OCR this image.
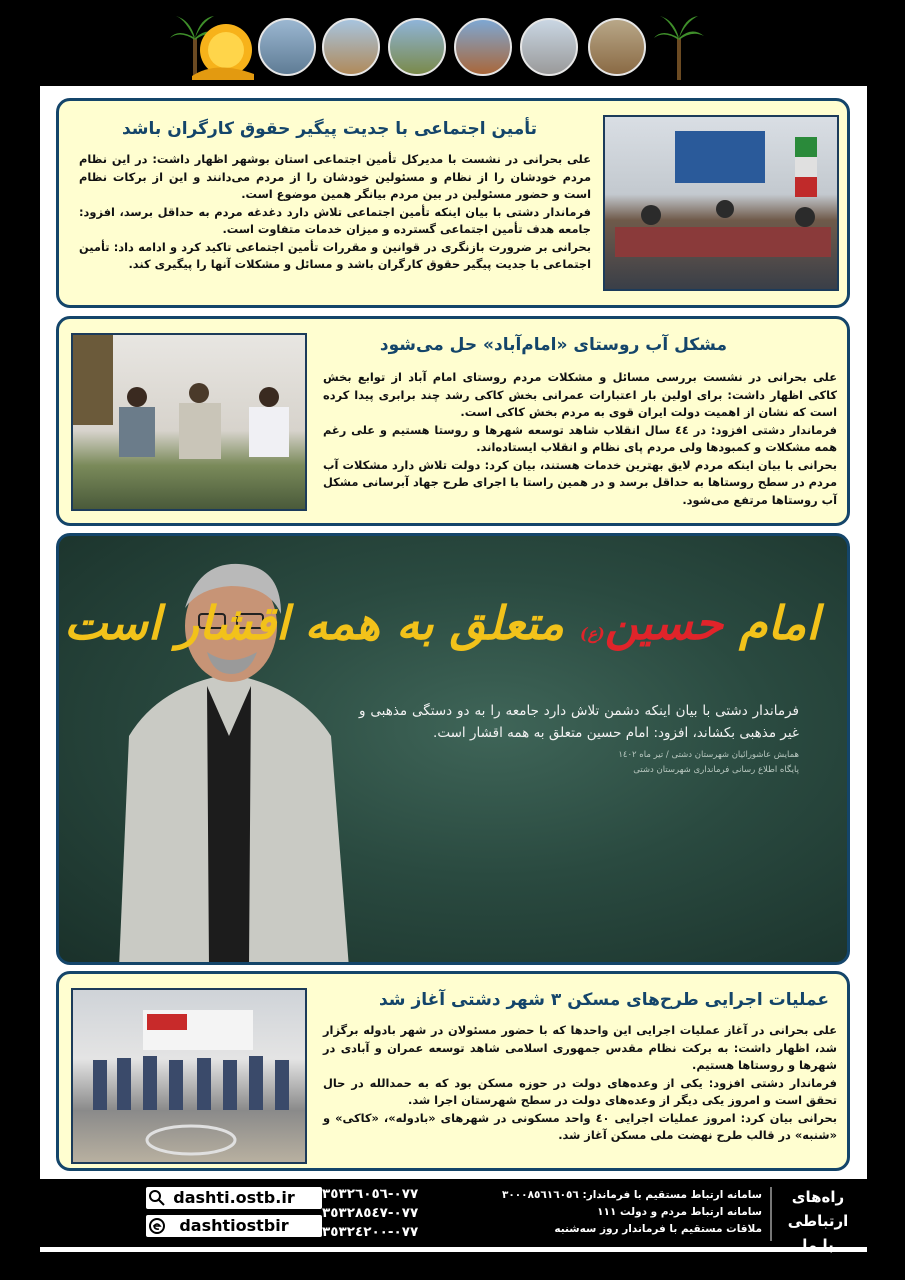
تأمین اجتماعی با جدیت پیگیر حقوق کارگران باشد

علی بحرانی در نشست با مدیرکل تأمین اجتماعی استان بوشهر اظهار داشت: در این نظام مردم خودشان را از نظام و مسئولین خودشان را از مردم می‌دانند و این از برکات نظام است و حضور مسئولین در بین مردم بیانگر همین موضوع است.

فرماندار دشتی با بیان اینکه تأمین اجتماعی تلاش دارد دغدغه مردم به حداقل برسد، افزود: جامعه هدف تأمین اجتماعی گسترده و میزان خدمات متفاوت است.

بحرانی بر ضرورت بازنگری در قوانین و مقررات تأمین اجتماعی تاکید کرد و ادامه داد: تأمین اجتماعی با جدیت پیگیر حقوق کارگران باشد و مسائل و مشکلات آنها را پیگیری کند.

مشکل آب روستای «امام‌آباد» حل می‌شود

علی بحرانی در نشست بررسی مسائل و مشکلات مردم روستای امام آباد از توابع بخش کاکی اظهار داشت: برای اولین بار اعتبارات عمرانی بخش کاکی رشد چند برابری پیدا کرده است که نشان از اهمیت دولت ایران قوی به مردم بخش کاکی است.

فرماندار دشتی افزود: در ٤٤ سال انقلاب شاهد توسعه شهرها و روستا هستیم و علی رغم همه مشکلات و کمبودها ولی مردم پای نظام و انقلاب ایستاده‌اند.

بحرانی با بیان اینکه مردم لایق بهترین خدمات هستند، بیان کرد: دولت تلاش دارد مشکلات آب مردم در سطح روستاها به حداقل برسد و در همین راستا با اجرای طرح جهاد آبرسانی مشکل آب روستاها مرتفع می‌شود.

امام حسین(ع) متعلق به همه اقشار است

فرماندار دشتی با بیان اینکه دشمن تلاش دارد جامعه را به دو دستگی مذهبی و غیر مذهبی بکشاند، افزود: امام حسین متعلق به همه اقشار است.

همایش عاشورائیان شهرستان دشتی / تیر ماه ١٤٠٢

پایگاه اطلاع رسانی فرمانداری شهرستان دشتی

عملیات اجرایی طرح‌های مسکن ۳ شهر دشتی آغاز شد

علی بحرانی در آغاز عملیات اجرایی این واحدها که با حضور مسئولان در شهر بادوله برگزار شد، اظهار داشت: به برکت نظام مقدس جمهوری اسلامی شاهد توسعه عمران و آبادی در شهرها و روستاها هستیم.

فرماندار دشتی افزود: یکی از وعده‌های دولت در حوزه مسکن بود که به حمدالله در حال تحقق است و امروز یکی دیگر از وعده‌های دولت در سطح شهرستان اجرا شد.

بحرانی بیان کرد: امروز عملیات اجرایی ٤٠ واحد مسکونی در شهرهای «بادوله»، «کاکی» و «شنبه» در قالب طرح نهضت ملی مسکن آغاز شد.

راه‌های
ارتباطی با ما
سامانه ارتباط مستقیم با فرماندار: ٣٠٠٠٨٥٦١٦٠٥٦
سامانه ارتباط مردم و دولت ۱۱۱
ملاقات مستقیم با فرماندار روز سه‌شنبه
٠٧٧-٣٥٣٢٦٠٥٦
٠٧٧-٣٥٣٢٨٥٤٧
٠٧٧-٣٥٣٢٤٢٠٠
dashti.ostb.ir
dashtiostbir
